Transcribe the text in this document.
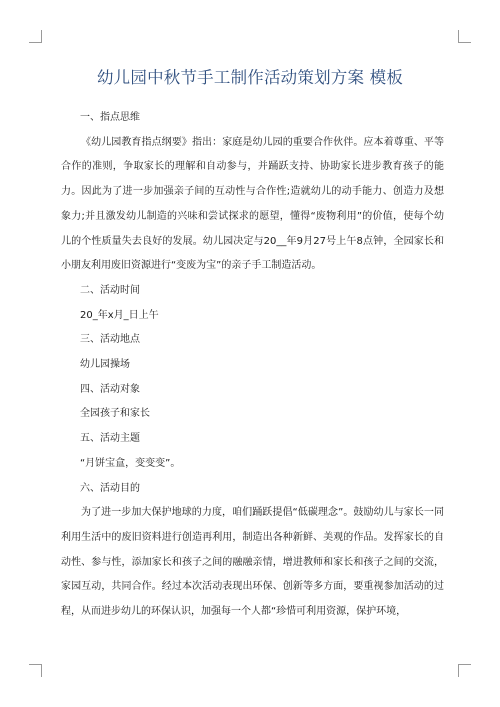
幼儿园中秋节手工制作活动策划方案 模板

一、指点思维

《幼儿园教育指点纲要》指出：家庭是幼儿园的重要合作伙伴。应本着尊重、平等合作的准则，争取家长的理解和自动参与，并踊跃支持、协助家长进步教育孩子的能力。因此为了进一步加强亲子间的互动性与合作性;造就幼儿的动手能力、创造力及想象力;并且激发幼儿制造的兴味和尝试探求的愿望，懂得“废物利用”的价值，使每个幼儿的个性质量失去良好的发展。幼儿园决定与20__年9月27号上午8点钟，全园家长和小朋友利用废旧资源进行“变废为宝”的亲子手工制造活动。

二、活动时间

20_年x月_日上午

三、活动地点

幼儿园操场

四、活动对象

全园孩子和家长

五、活动主题

“月饼宝盒，变变变”。

六、活动目的

为了进一步加大保护地球的力度，咱们踊跃提倡“低碳理念”。鼓励幼儿与家长一同利用生活中的废旧资料进行创造再利用，制造出各种新鲜、美观的作品。发挥家长的自动性、参与性，添加家长和孩子之间的融融亲情，增进教师和家长和孩子之间的交流，家园互动，共同合作。经过本次活动表现出环保、创新等多方面，要重视参加活动的过程，从而进步幼儿的环保认识，加强每一个人都“珍惜可利用资源，保护环境，
